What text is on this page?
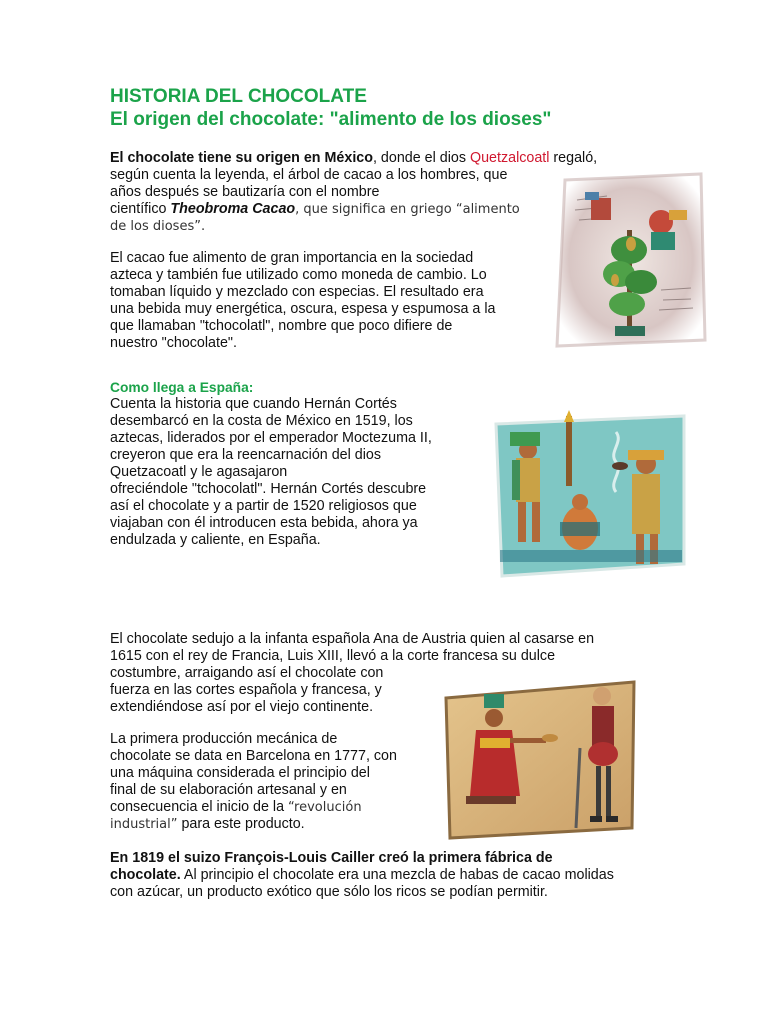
HISTORIA DEL CHOCOLATE
El origen del chocolate: "alimento de los dioses"
El chocolate tiene su origen en México, donde el dios Quetzalcoatl regaló,
según cuenta la leyenda, el árbol de cacao a los hombres, que
años después se bautizaría con el nombre
científico Theobroma Cacao, que significa en griego “alimento
de los dioses”.
El cacao fue alimento de gran importancia en la sociedad
azteca y también fue utilizado como moneda de cambio. Lo
tomaban líquido y mezclado con especias. El resultado era
una bebida muy energética, oscura, espesa y espumosa a la
que llamaban "tchocolatl", nombre que poco difiere de
nuestro "chocolate".
Como llega a España:
Cuenta la historia que cuando Hernán Cortés
desembarcó en la costa de México en 1519, los
aztecas, liderados por el emperador Moctezuma II,
creyeron que era la reencarnación del dios
Quetzacoatl y le agasajaron
ofreciéndole "tchocolatl". Hernán Cortés descubre
así el chocolate y a partir de 1520 religiosos que
viajaban con él introducen esta bebida, ahora ya
endulzada y caliente, en España.
El chocolate sedujo a la infanta española Ana de Austria quien al casarse en
1615 con el rey de Francia, Luis XIII, llevó a la corte francesa su dulce
costumbre, arraigando así el chocolate con
fuerza en las cortes española y francesa, y
extendiéndose así por el viejo continente.
La primera producción mecánica de
chocolate se data en Barcelona en 1777, con
una máquina considerada el principio del
final de su elaboración artesanal y en
consecuencia el inicio de la “revolución
industrial” para este producto.
En 1819 el suizo François-Louis Cailler creó la primera fábrica de
chocolate. Al principio el chocolate era una mezcla de habas de cacao molidas
con azúcar, un producto exótico que sólo los ricos se podían permitir.
